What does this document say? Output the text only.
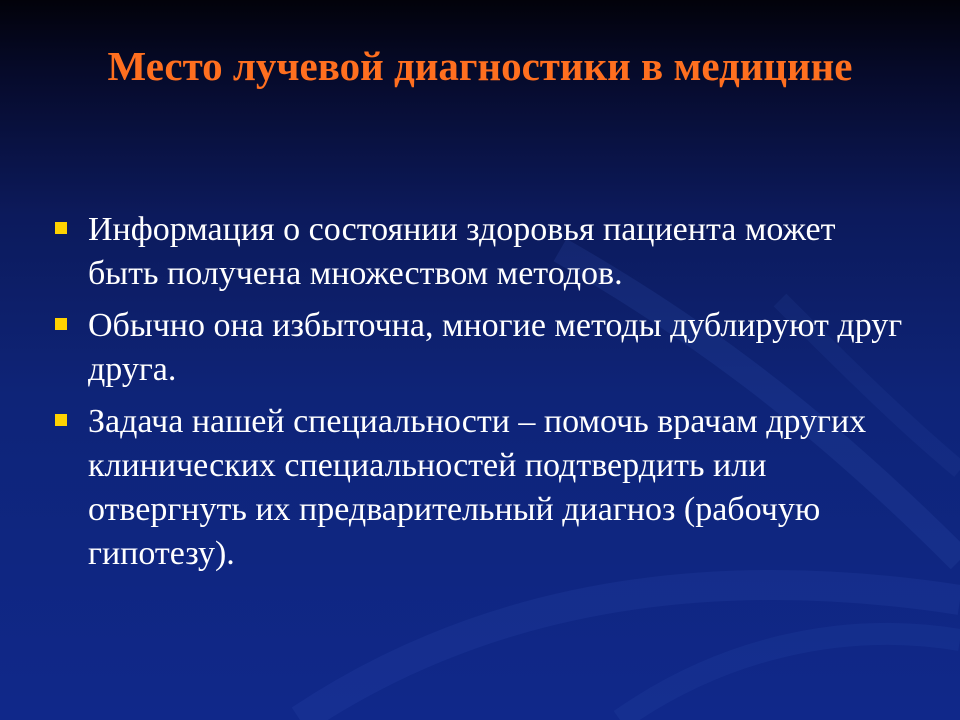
Место лучевой диагностики в медицине
Информация о состоянии здоровья пациента может быть получена множеством методов.
Обычно она избыточна, многие методы дублируют друг друга.
Задача нашей специальности – помочь врачам других клинических специальностей подтвердить или отвергнуть их предварительный диагноз (рабочую гипотезу).
